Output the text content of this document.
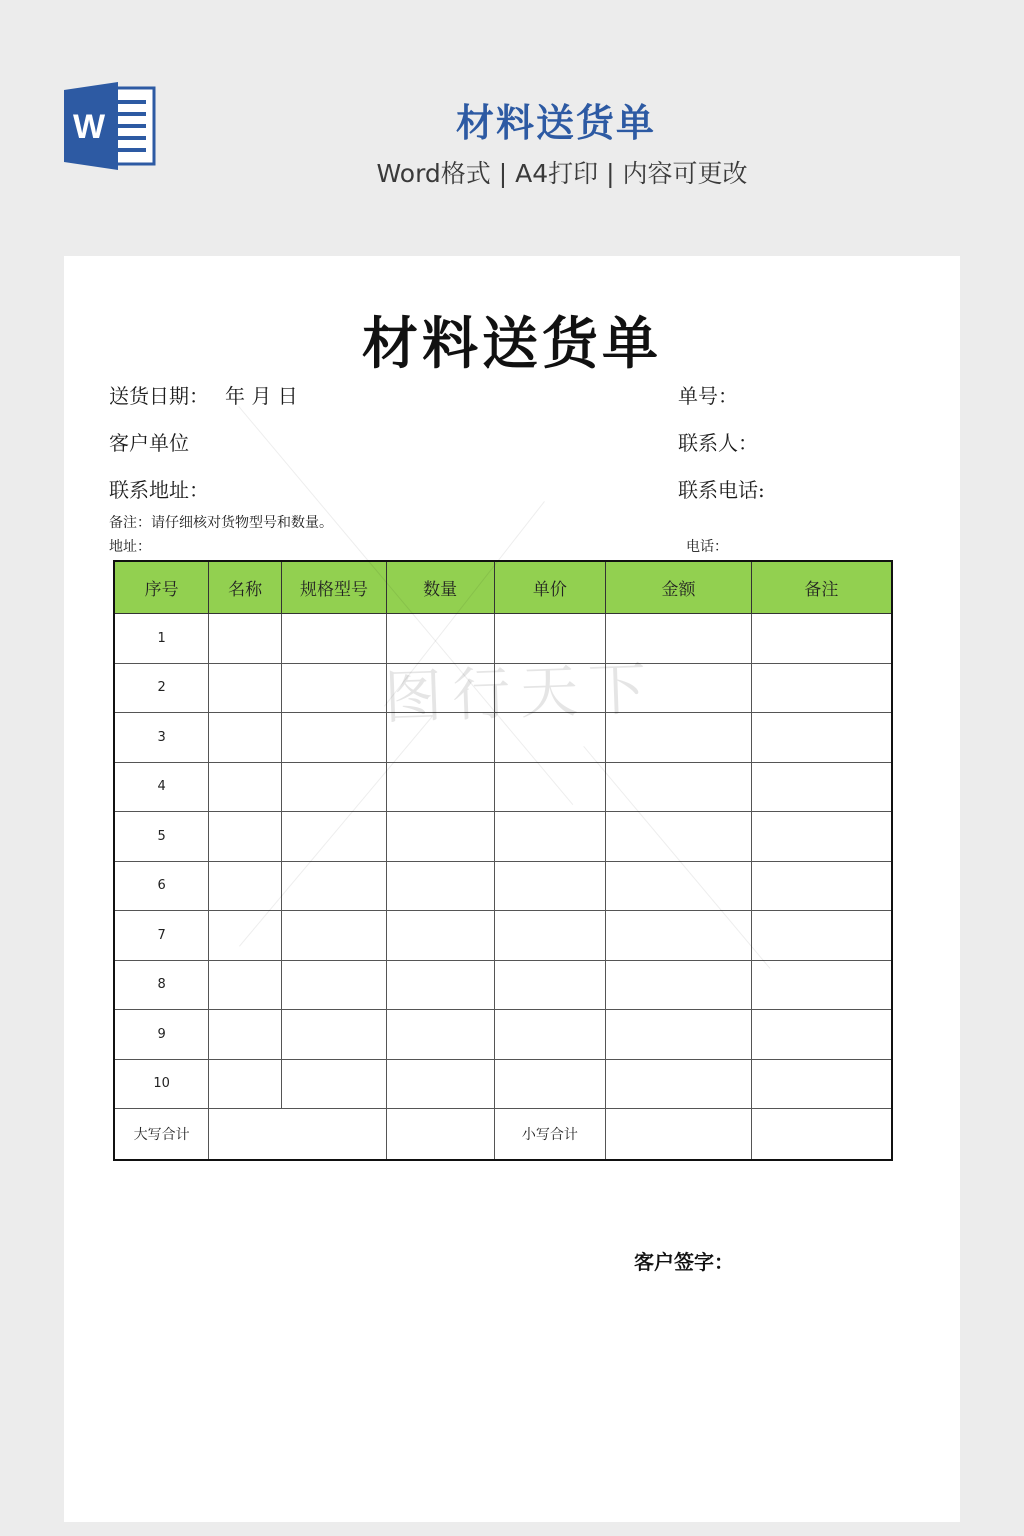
W	材料送货单
Word格式 | A4打印 | 内容可更改
材料送货单
送货日期： 年 月 日	单号：
客户单位	联系人：
联系地址：	联系电话:
备注：请仔细核对货物型号和数量。
地址：	电话：
序号	名称	规格型号	数量	单价	金额	备注
1						
2						
3						
4						
5						
6						
7						
8						
9						
10						
大写合计				小写合计		
图行天下
客户签字：
